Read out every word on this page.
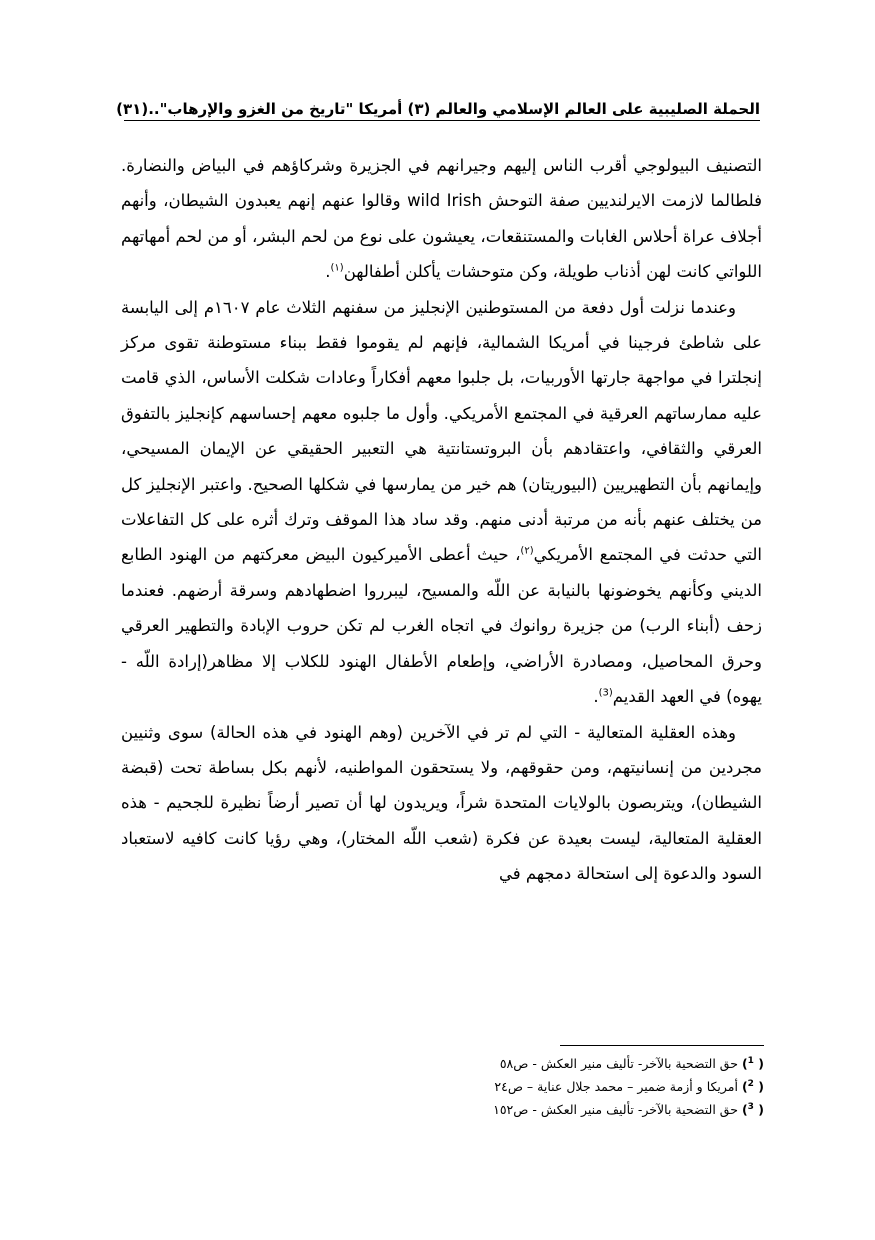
الحملة الصليبية على العالم الإسلامي والعالم (٣) أمريكا "تاريخ من الغزو والإرهاب"..
(٣١)

التصنيف البيولوجي أقرب الناس إليهم وجيرانهم في الجزيرة وشركاؤهم في البياض والنضارة. فلطالما لازمت الايرلنديين صفة التوحش wild Irish وقالوا عنهم إنهم يعبدون الشيطان، وأنهم أجلاف عراة أحلاس الغابات والمستنقعات، يعيشون على نوع من لحم البشر، أو من لحم أمهاتهم اللواتي كانت لهن أذناب طويلة، وكن متوحشات يأكلن أطفالهن$^{(١)}$.

وعندما نزلت أول دفعة من المستوطنين الإنجليز من سفنهم الثلاث عام ١٦٠٧م إلى اليابسة على شاطئ فرجينا في أمريكا الشمالية، فإنهم لم يقوموا فقط ببناء مستوطنة تقوى مركز إنجلترا في مواجهة جارتها الأوربيات، بل جلبوا معهم أفكاراً وعادات شكلت الأساس، الذي قامت عليه ممارساتهم العرقية في المجتمع الأمريكي. وأول ما جلبوه معهم إحساسهم كإنجليز بالتفوق العرقي والثقافي، واعتقادهم بأن البروتستانتية هي التعبير الحقيقي عن الإيمان المسيحي، وإيمانهم بأن التطهيريين (البيوريتان) هم خير من يمارسها في شكلها الصحيح. واعتبر الإنجليز كل من يختلف عنهم بأنه من مرتبة أدنى منهم. وقد ساد هذا الموقف وترك أثره على كل التفاعلات التي حدثت في المجتمع الأمريكي$^{(٢)}$، حيث أعطى الأميركيون البيض معركتهم من الهنود الطابع الديني وكأنهم يخوضونها بالنيابة عن اللّه والمسيح، ليبرروا اضطهادهم وسرقة أرضهم. فعندما زحف (أبناء الرب) من جزيرة روانوك في اتجاه الغرب لم تكن حروب الإبادة والتطهير العرقي وحرق المحاصيل، ومصادرة الأراضي، وإطعام الأطفال الهنود للكلاب إلا مظاهر(إرادة اللّه - يهوه) في العهد القديم$^{(3)}$.

وهذه العقلية المتعالية - التي لم تر في الآخرين (وهم الهنود في هذه الحالة) سوى وثنيين مجردين من إنسانيتهم، ومن حقوقهم، ولا يستحقون المواطنيه، لأنهم بكل بساطة تحت (قبضة الشيطان)، ويتربصون بالولايات المتحدة شراً، ويريدون لها أن تصير أرضاً نظيرة للجحيم - هذه العقلية المتعالية، ليست بعيدة عن فكرة (شعب اللّه المختار)، وهي رؤيا كانت كافيه لاستعباد السود والدعوة إلى استحالة دمجهم في

( $^1$) حق التضحية بالآخر- تأليف منير العكش - ص٥٨
( $^2$) أمريكا و أزمة ضمير – محمد جلال عناية – ص٢٤
( $^3$) حق التضحية بالآخر- تأليف منير العكش - ص١٥٢
